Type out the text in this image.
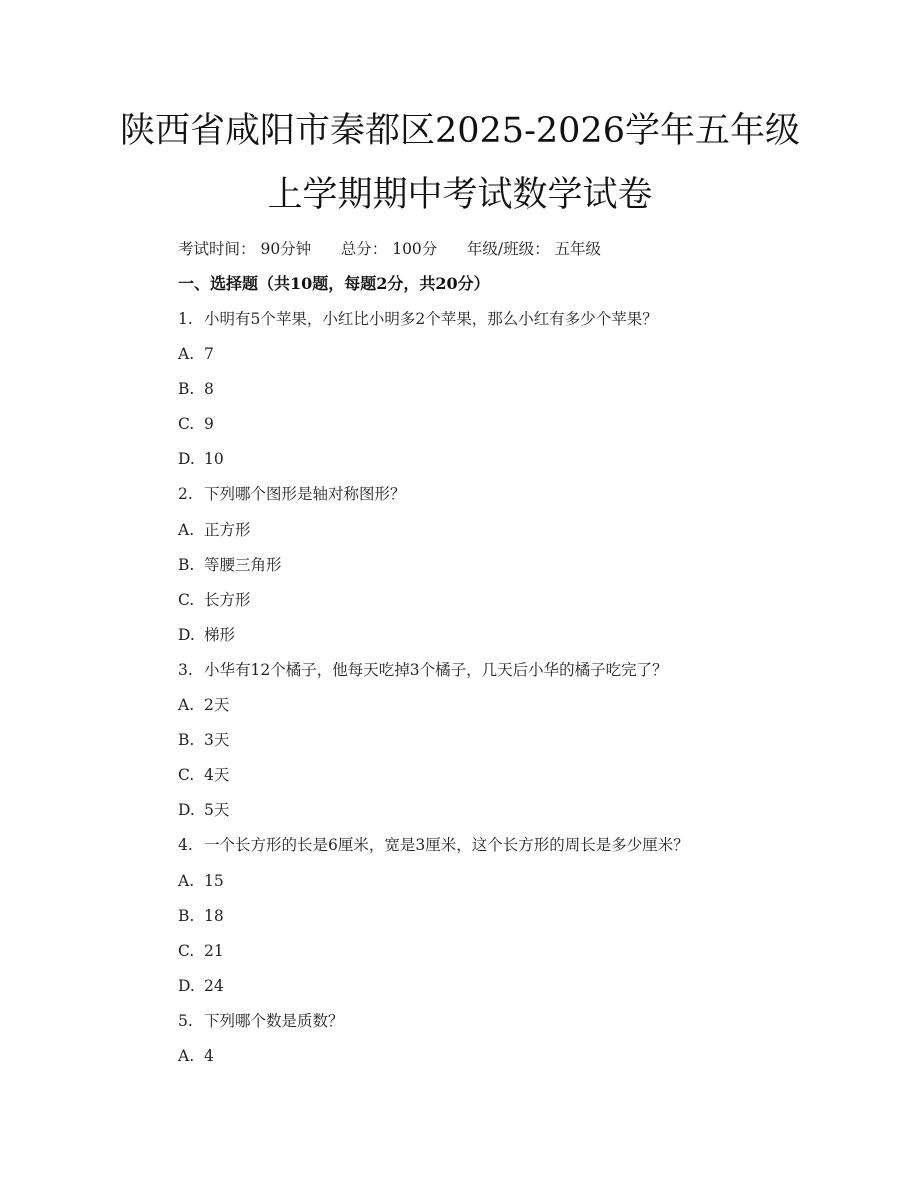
陕西省咸阳市秦都区2025-2026学年五年级
上学期期中考试数学试卷
考试时间： 90分钟 总分： 100分 年级/班级： 五年级
一、选择题（共10题，每题2分，共20分）
1. 小明有5个苹果，小红比小明多2个苹果，那么小红有多少个苹果？
A. 7
B. 8
C. 9
D. 10
2. 下列哪个图形是轴对称图形？
A. 正方形
B. 等腰三角形
C. 长方形
D. 梯形
3. 小华有12个橘子，他每天吃掉3个橘子，几天后小华的橘子吃完了？
A. 2天
B. 3天
C. 4天
D. 5天
4. 一个长方形的长是6厘米，宽是3厘米，这个长方形的周长是多少厘米？
A. 15
B. 18
C. 21
D. 24
5. 下列哪个数是质数？
A. 4
